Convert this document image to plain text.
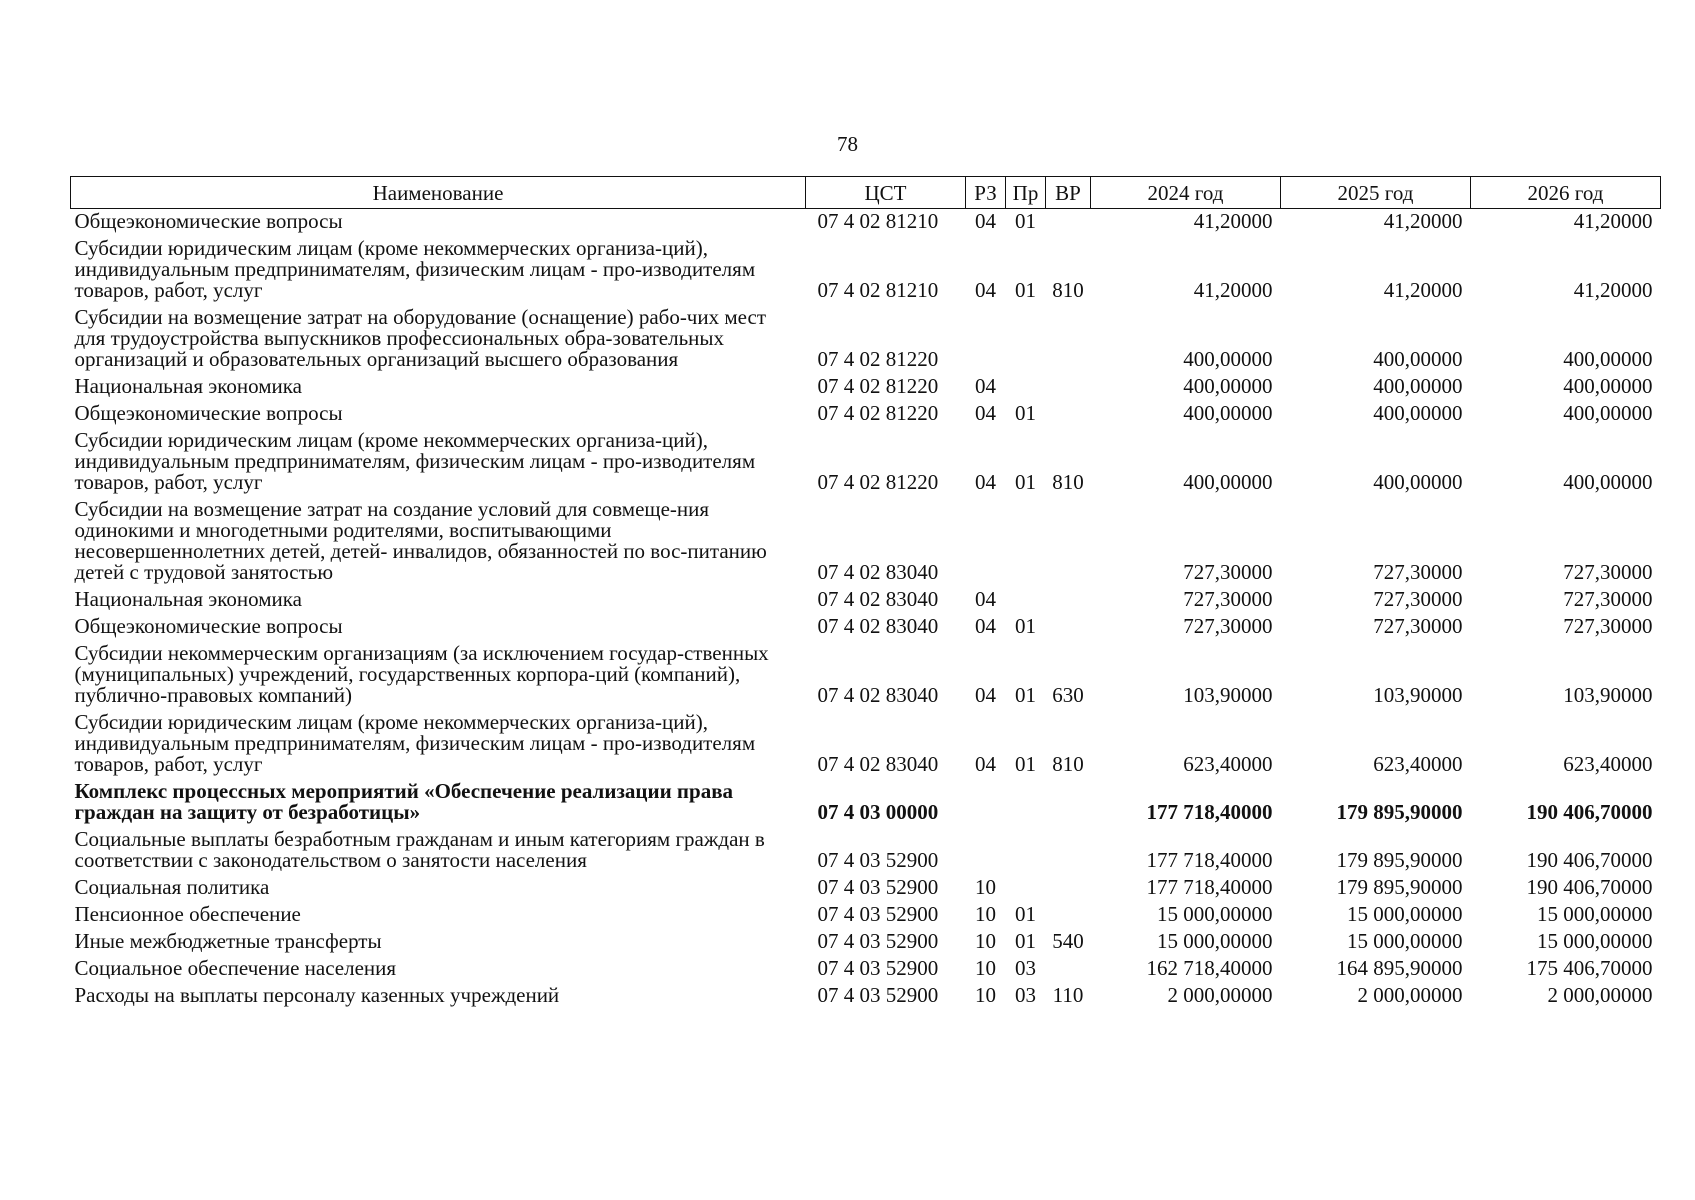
78
Наименование	ЦСТ	РЗ	Пр	ВР	2024 год	2025 год	2026 год
Общеэкономические вопросы	07 4 02 81210	04	01		41,20000	41,20000	41,20000
Субсидии юридическим лицам (кроме некоммерческих организа-ций), индивидуальным предпринимателям, физическим лицам - про-изводителям товаров, работ, услуг	07 4 02 81210	04	01	810	41,20000	41,20000	41,20000
Субсидии на возмещение затрат на оборудование (оснащение) рабо-чих мест для трудоустройства выпускников профессиональных обра-зовательных организаций и образовательных организаций высшего образования	07 4 02 81220				400,00000	400,00000	400,00000
Национальная экономика	07 4 02 81220	04			400,00000	400,00000	400,00000
Общеэкономические вопросы	07 4 02 81220	04	01		400,00000	400,00000	400,00000
Субсидии юридическим лицам (кроме некоммерческих организа-ций), индивидуальным предпринимателям, физическим лицам - про-изводителям товаров, работ, услуг	07 4 02 81220	04	01	810	400,00000	400,00000	400,00000
Субсидии на возмещение затрат на создание условий для совмеще-ния одинокими и многодетными родителями, воспитывающими несовершеннолетних детей, детей- инвалидов, обязанностей по вос-питанию детей с трудовой занятостью	07 4 02 83040				727,30000	727,30000	727,30000
Национальная экономика	07 4 02 83040	04			727,30000	727,30000	727,30000
Общеэкономические вопросы	07 4 02 83040	04	01		727,30000	727,30000	727,30000
Субсидии некоммерческим организациям (за исключением государ-ственных (муниципальных) учреждений, государственных корпора-ций (компаний), публично-правовых компаний)	07 4 02 83040	04	01	630	103,90000	103,90000	103,90000
Субсидии юридическим лицам (кроме некоммерческих организа-ций), индивидуальным предпринимателям, физическим лицам - про-изводителям товаров, работ, услуг	07 4 02 83040	04	01	810	623,40000	623,40000	623,40000
Комплекс процессных мероприятий «Обеспечение реализации права граждан на защиту от безработицы»	07 4 03 00000				177 718,40000	179 895,90000	190 406,70000
Социальные выплаты безработным гражданам и иным категориям граждан в соответствии с законодательством о занятости населения	07 4 03 52900				177 718,40000	179 895,90000	190 406,70000
Социальная политика	07 4 03 52900	10			177 718,40000	179 895,90000	190 406,70000
Пенсионное обеспечение	07 4 03 52900	10	01		15 000,00000	15 000,00000	15 000,00000
Иные межбюджетные трансферты	07 4 03 52900	10	01	540	15 000,00000	15 000,00000	15 000,00000
Социальное обеспечение населения	07 4 03 52900	10	03		162 718,40000	164 895,90000	175 406,70000
Расходы на выплаты персоналу казенных учреждений	07 4 03 52900	10	03	110	2 000,00000	2 000,00000	2 000,00000
